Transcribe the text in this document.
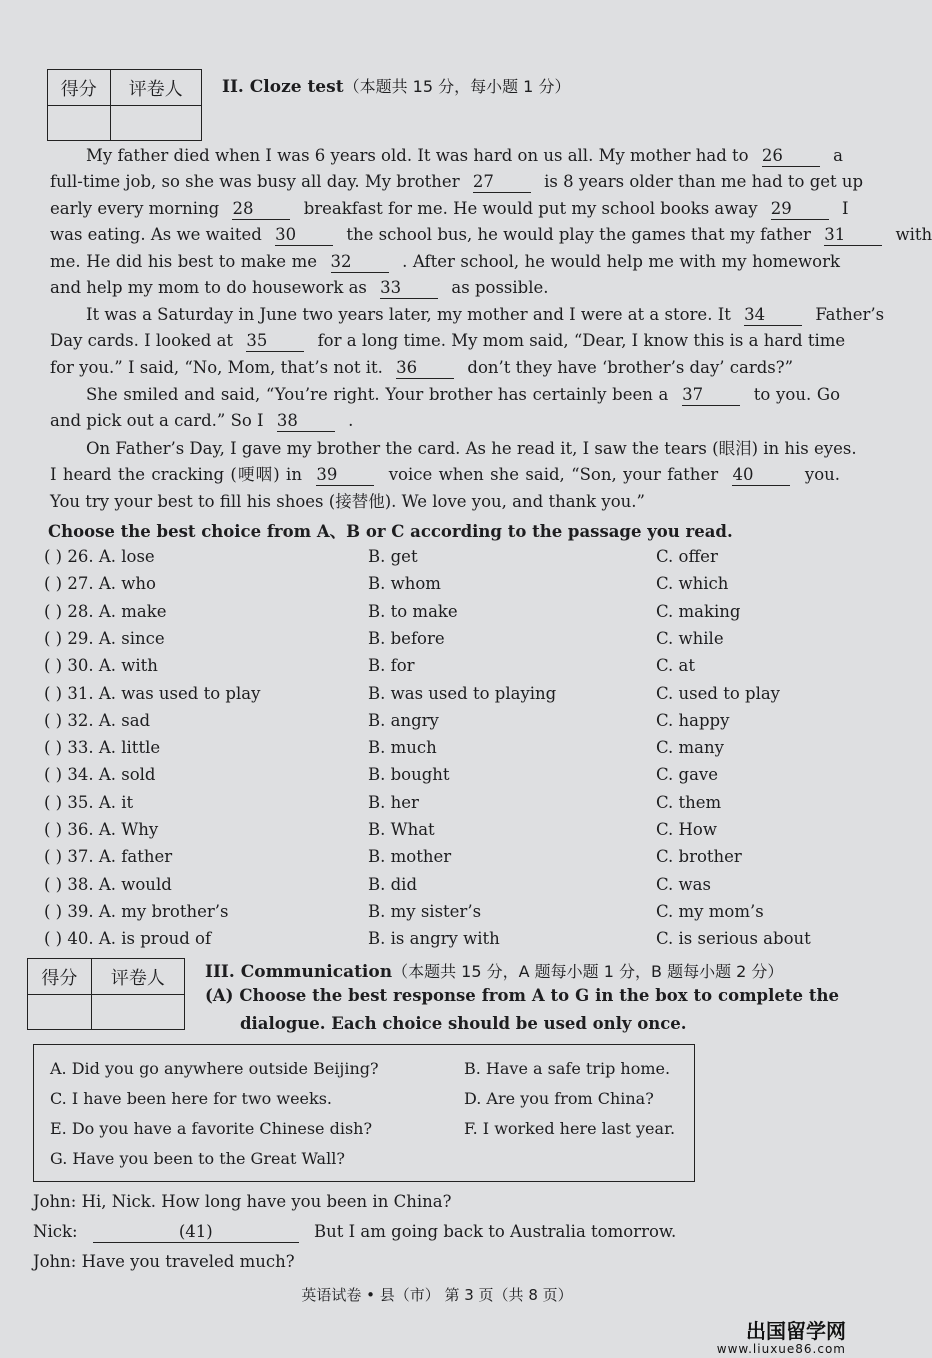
得分	评卷人
	II. Cloze test（本题共 15 分，每小题 1 分）
My father died when I was 6 years old. It was hard on us all. My mother had to 26	a
full-time job, so she was busy all day. My brother 27	is 8 years older than me had to get up
early every morning 28	breakfast for me. He would put my school books away 29	I
was eating. As we waited 30	the school bus, he would play the games that my father 31	with
me. He did his best to make me 32	. After school, he would help me with my homework
and help my mom to do housework as 33	as possible.
It was a Saturday in June two years later, my mother and I were at a store. It 34	Father’s
Day cards. I looked at 35	for a long time. My mom said, “Dear, I know this is a hard time
for you.” I said, “No, Mom, that’s not it. 36	don’t they have ‘brother’s day’ cards?”
She smiled and said, “You’re right. Your brother has certainly been a 37	to you. Go
and pick out a card.” So I 38	.
On Father’s Day, I gave my brother the card. As he read it, I saw the tears (眼泪) in his eyes.
I heard the cracking (哽咽) in 39	voice when she said, “Son, your father 40	you.
You try your best to fill his shoes (接替他). We love you, and thank you.”
Choose the best choice from A、B or C according to the passage you read.
( ) 26. A. lose	B. get	C. offer
( ) 27. A. who	B. whom	C. which
( ) 28. A. make	B. to make	C. making
( ) 29. A. since	B. before	C. while
( ) 30. A. with	B. for	C. at
( ) 31. A. was used to play	B. was used to playing	C. used to play
( ) 32. A. sad	B. angry	C. happy
( ) 33. A. little	B. much	C. many
( ) 34. A. sold	B. bought	C. gave
( ) 35. A. it	B. her	C. them
( ) 36. A. Why	B. What	C. How
( ) 37. A. father	B. mother	C. brother
( ) 38. A. would	B. did	C. was
( ) 39. A. my brother’s	B. my sister’s	C. my mom’s
( ) 40. A. is proud of	B. is angry with	C. is serious about
得分	评卷人
	III. Communication（本题共 15 分，A 题每小题 1 分，B 题每小题 2 分）
(A) Choose the best response from A to G in the box to complete the
dialogue. Each choice should be used only once.
A. Did you go anywhere outside Beijing?	B. Have a safe trip home.
C. I have been here for two weeks.	D. Are you from China?
E. Do you have a favorite Chinese dish?	F. I worked here last year.
G. Have you been to the Great Wall?
John: Hi, Nick. How long have you been in China?
Nick:	(41)	But I am going back to Australia tomorrow.
John: Have you traveled much?
英语试卷 • 县（市） 第 3 页（共 8 页）
出国留学网
www.liuxue86.com
